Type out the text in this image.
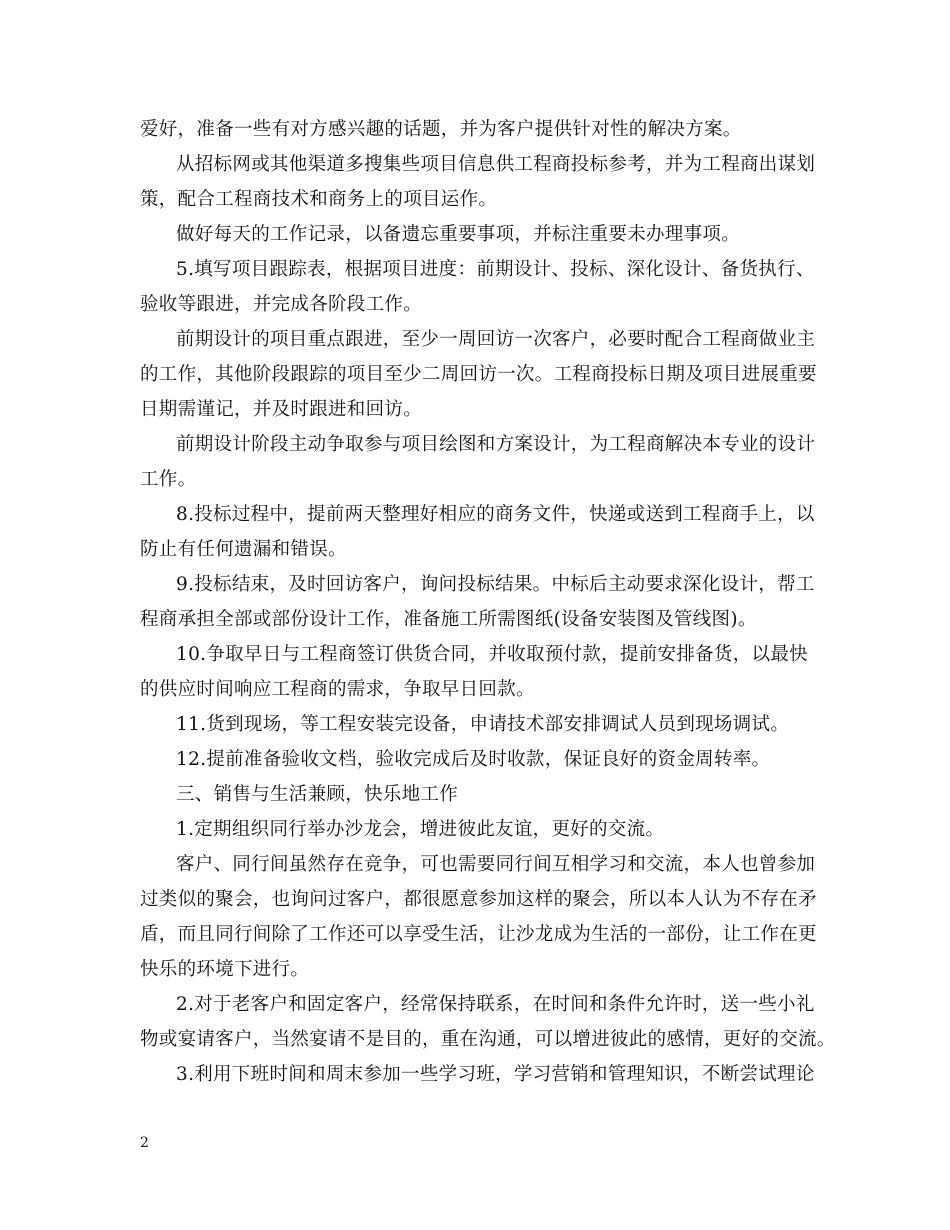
爱好，准备一些有对方感兴趣的话题，并为客户提供针对性的解决方案。
从招标网或其他渠道多搜集些项目信息供工程商投标参考，并为工程商出谋划
策，配合工程商技术和商务上的项目运作。
做好每天的工作记录，以备遗忘重要事项，并标注重要未办理事项。
5.填写项目跟踪表，根据项目进度：前期设计、投标、深化设计、备货执行、
验收等跟进，并完成各阶段工作。
前期设计的项目重点跟进，至少一周回访一次客户，必要时配合工程商做业主
的工作，其他阶段跟踪的项目至少二周回访一次。工程商投标日期及项目进展重要
日期需谨记，并及时跟进和回访。
前期设计阶段主动争取参与项目绘图和方案设计，为工程商解决本专业的设计
工作。
8.投标过程中，提前两天整理好相应的商务文件，快递或送到工程商手上，以
防止有任何遗漏和错误。
9.投标结束，及时回访客户，询问投标结果。中标后主动要求深化设计，帮工
程商承担全部或部份设计工作，准备施工所需图纸(设备安装图及管线图)。
10.争取早日与工程商签订供货合同，并收取预付款，提前安排备货，以最快
的供应时间响应工程商的需求，争取早日回款。
11.货到现场，等工程安装完设备，申请技术部安排调试人员到现场调试。
12.提前准备验收文档，验收完成后及时收款，保证良好的资金周转率。
三、销售与生活兼顾，快乐地工作
1.定期组织同行举办沙龙会，增进彼此友谊，更好的交流。
客户、同行间虽然存在竞争，可也需要同行间互相学习和交流，本人也曾参加
过类似的聚会，也询问过客户，都很愿意参加这样的聚会，所以本人认为不存在矛
盾，而且同行间除了工作还可以享受生活，让沙龙成为生活的一部份，让工作在更
快乐的环境下进行。
2.对于老客户和固定客户，经常保持联系，在时间和条件允许时，送一些小礼
物或宴请客户，当然宴请不是目的，重在沟通，可以增进彼此的感情，更好的交流。
3.利用下班时间和周末参加一些学习班，学习营销和管理知识，不断尝试理论
2
